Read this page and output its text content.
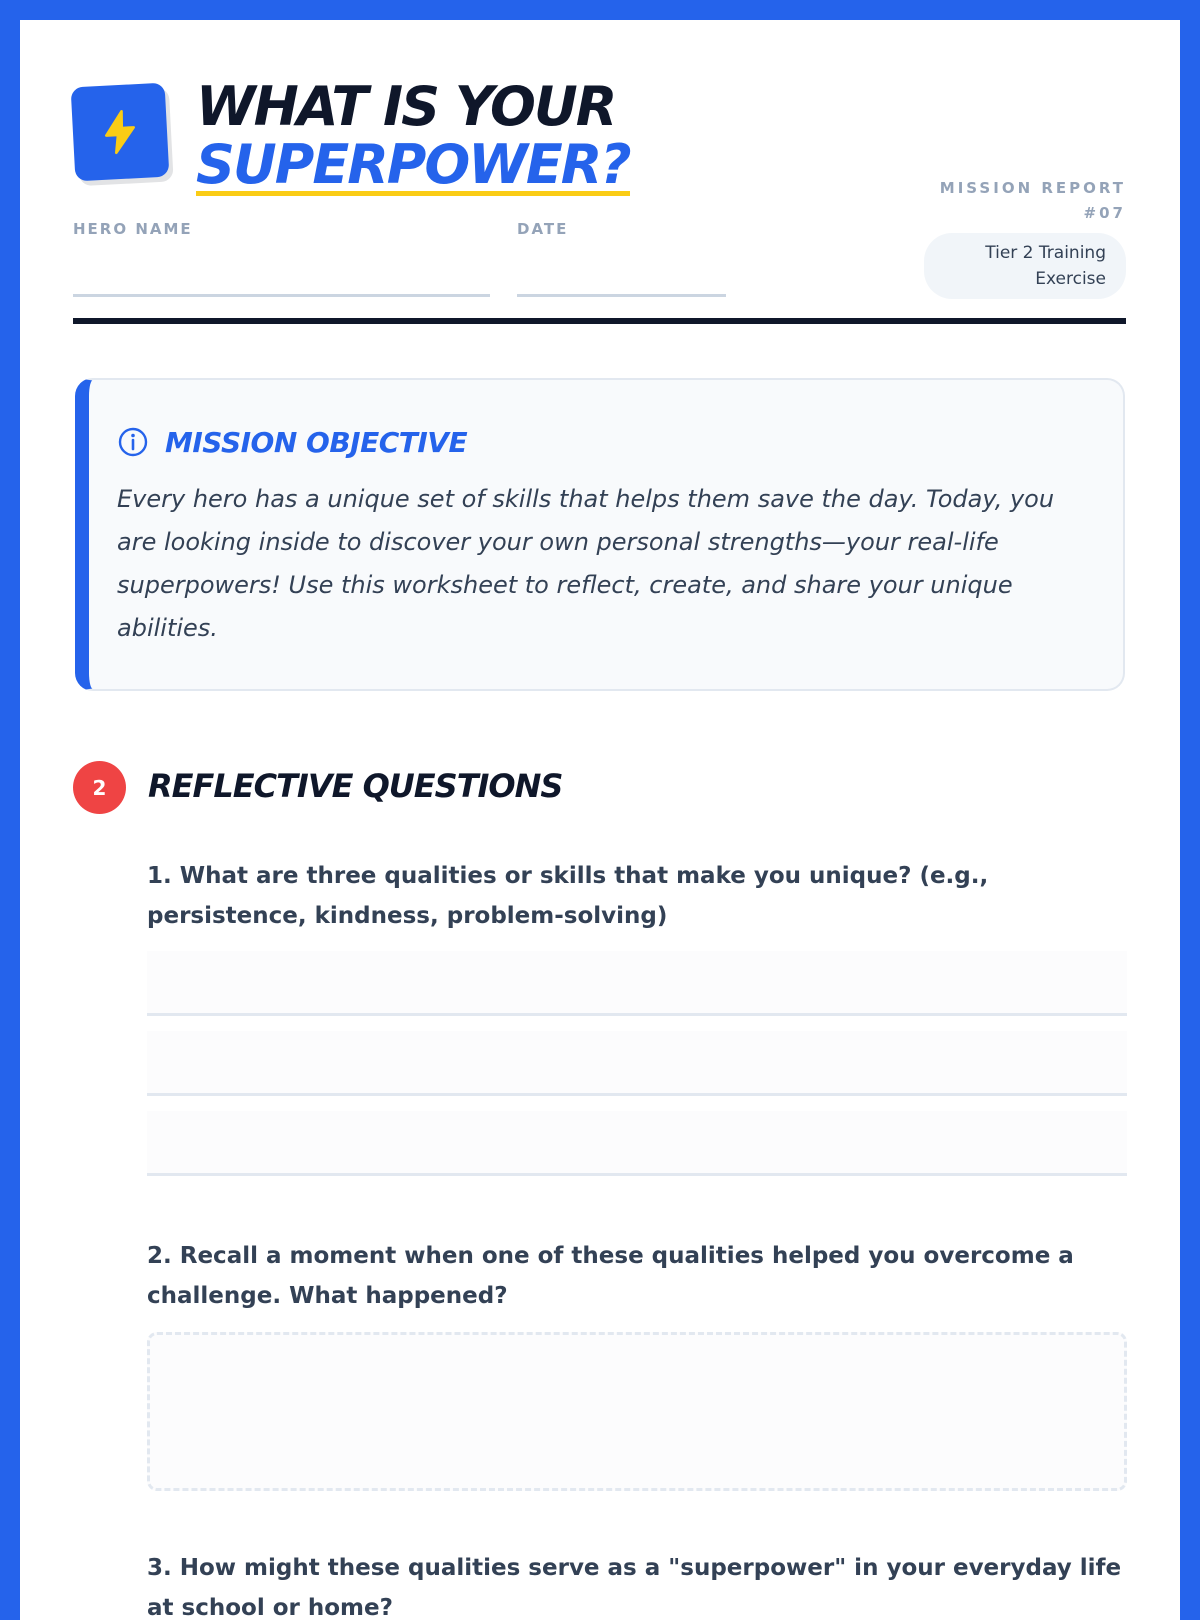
WHAT IS YOUR
SUPERPOWER?
HERO NAME	DATE
MISSION REPORT #07
Tier 2 Training Exercise
MISSION OBJECTIVE

Every hero has a unique set of skills that helps them save the day. Today, you are looking inside to discover your own personal strengths—your real-life superpowers! Use this worksheet to reflect, create, and share your unique abilities.

2	REFLECTIVE QUESTIONS

1. What are three qualities or skills that make you unique? (e.g., persistence, kindness, problem-solving)

2. Recall a moment when one of these qualities helped you overcome a challenge. What happened?

3. How might these qualities serve as a "superpower" in your everyday life at school or home?
